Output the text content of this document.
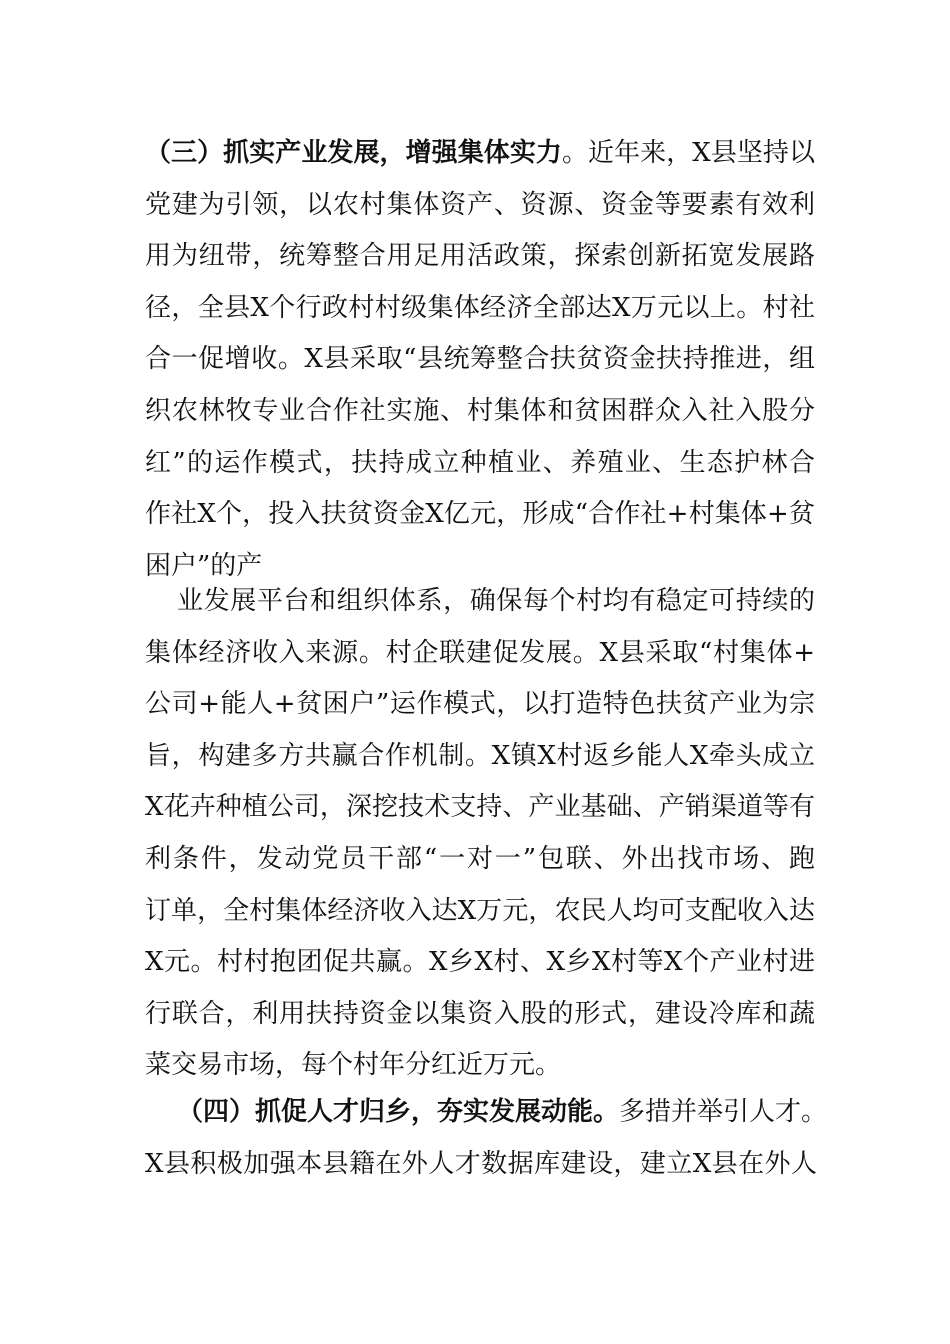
（三）抓实产业发展，增强集体实力。近年来，X县坚持以
党建为引领，以农村集体资产、资源、资金等要素有效利
用为纽带，统筹整合用足用活政策，探索创新拓宽发展路
径，全县X个行政村村级集体经济全部达X万元以上。村社
合一促增收。X县采取“县统筹整合扶贫资金扶持推进，组
织农林牧专业合作社实施、村集体和贫困群众入社入股分
红”的运作模式，扶持成立种植业、养殖业、生态护林合
作社X个，投入扶贫资金X亿元，形成“合作社+村集体+贫
困户”的产
业发展平台和组织体系，确保每个村均有稳定可持续的
集体经济收入来源。村企联建促发展。X县采取“村集体+
公司+能人+贫困户”运作模式，以打造特色扶贫产业为宗
旨，构建多方共赢合作机制。X镇X村返乡能人X牵头成立
X花卉种植公司，深挖技术支持、产业基础、产销渠道等有
利条件，发动党员干部“一对一”包联、外出找市场、跑
订单，全村集体经济收入达X万元，农民人均可支配收入达
X元。村村抱团促共赢。X乡X村、X乡X村等X个产业村进
行联合，利用扶持资金以集资入股的形式，建设冷库和蔬
菜交易市场，每个村年分红近万元。
（四）抓促人才归乡，夯实发展动能。多措并举引人才。
X县积极加强本县籍在外人才数据库建设，建立X县在外人
